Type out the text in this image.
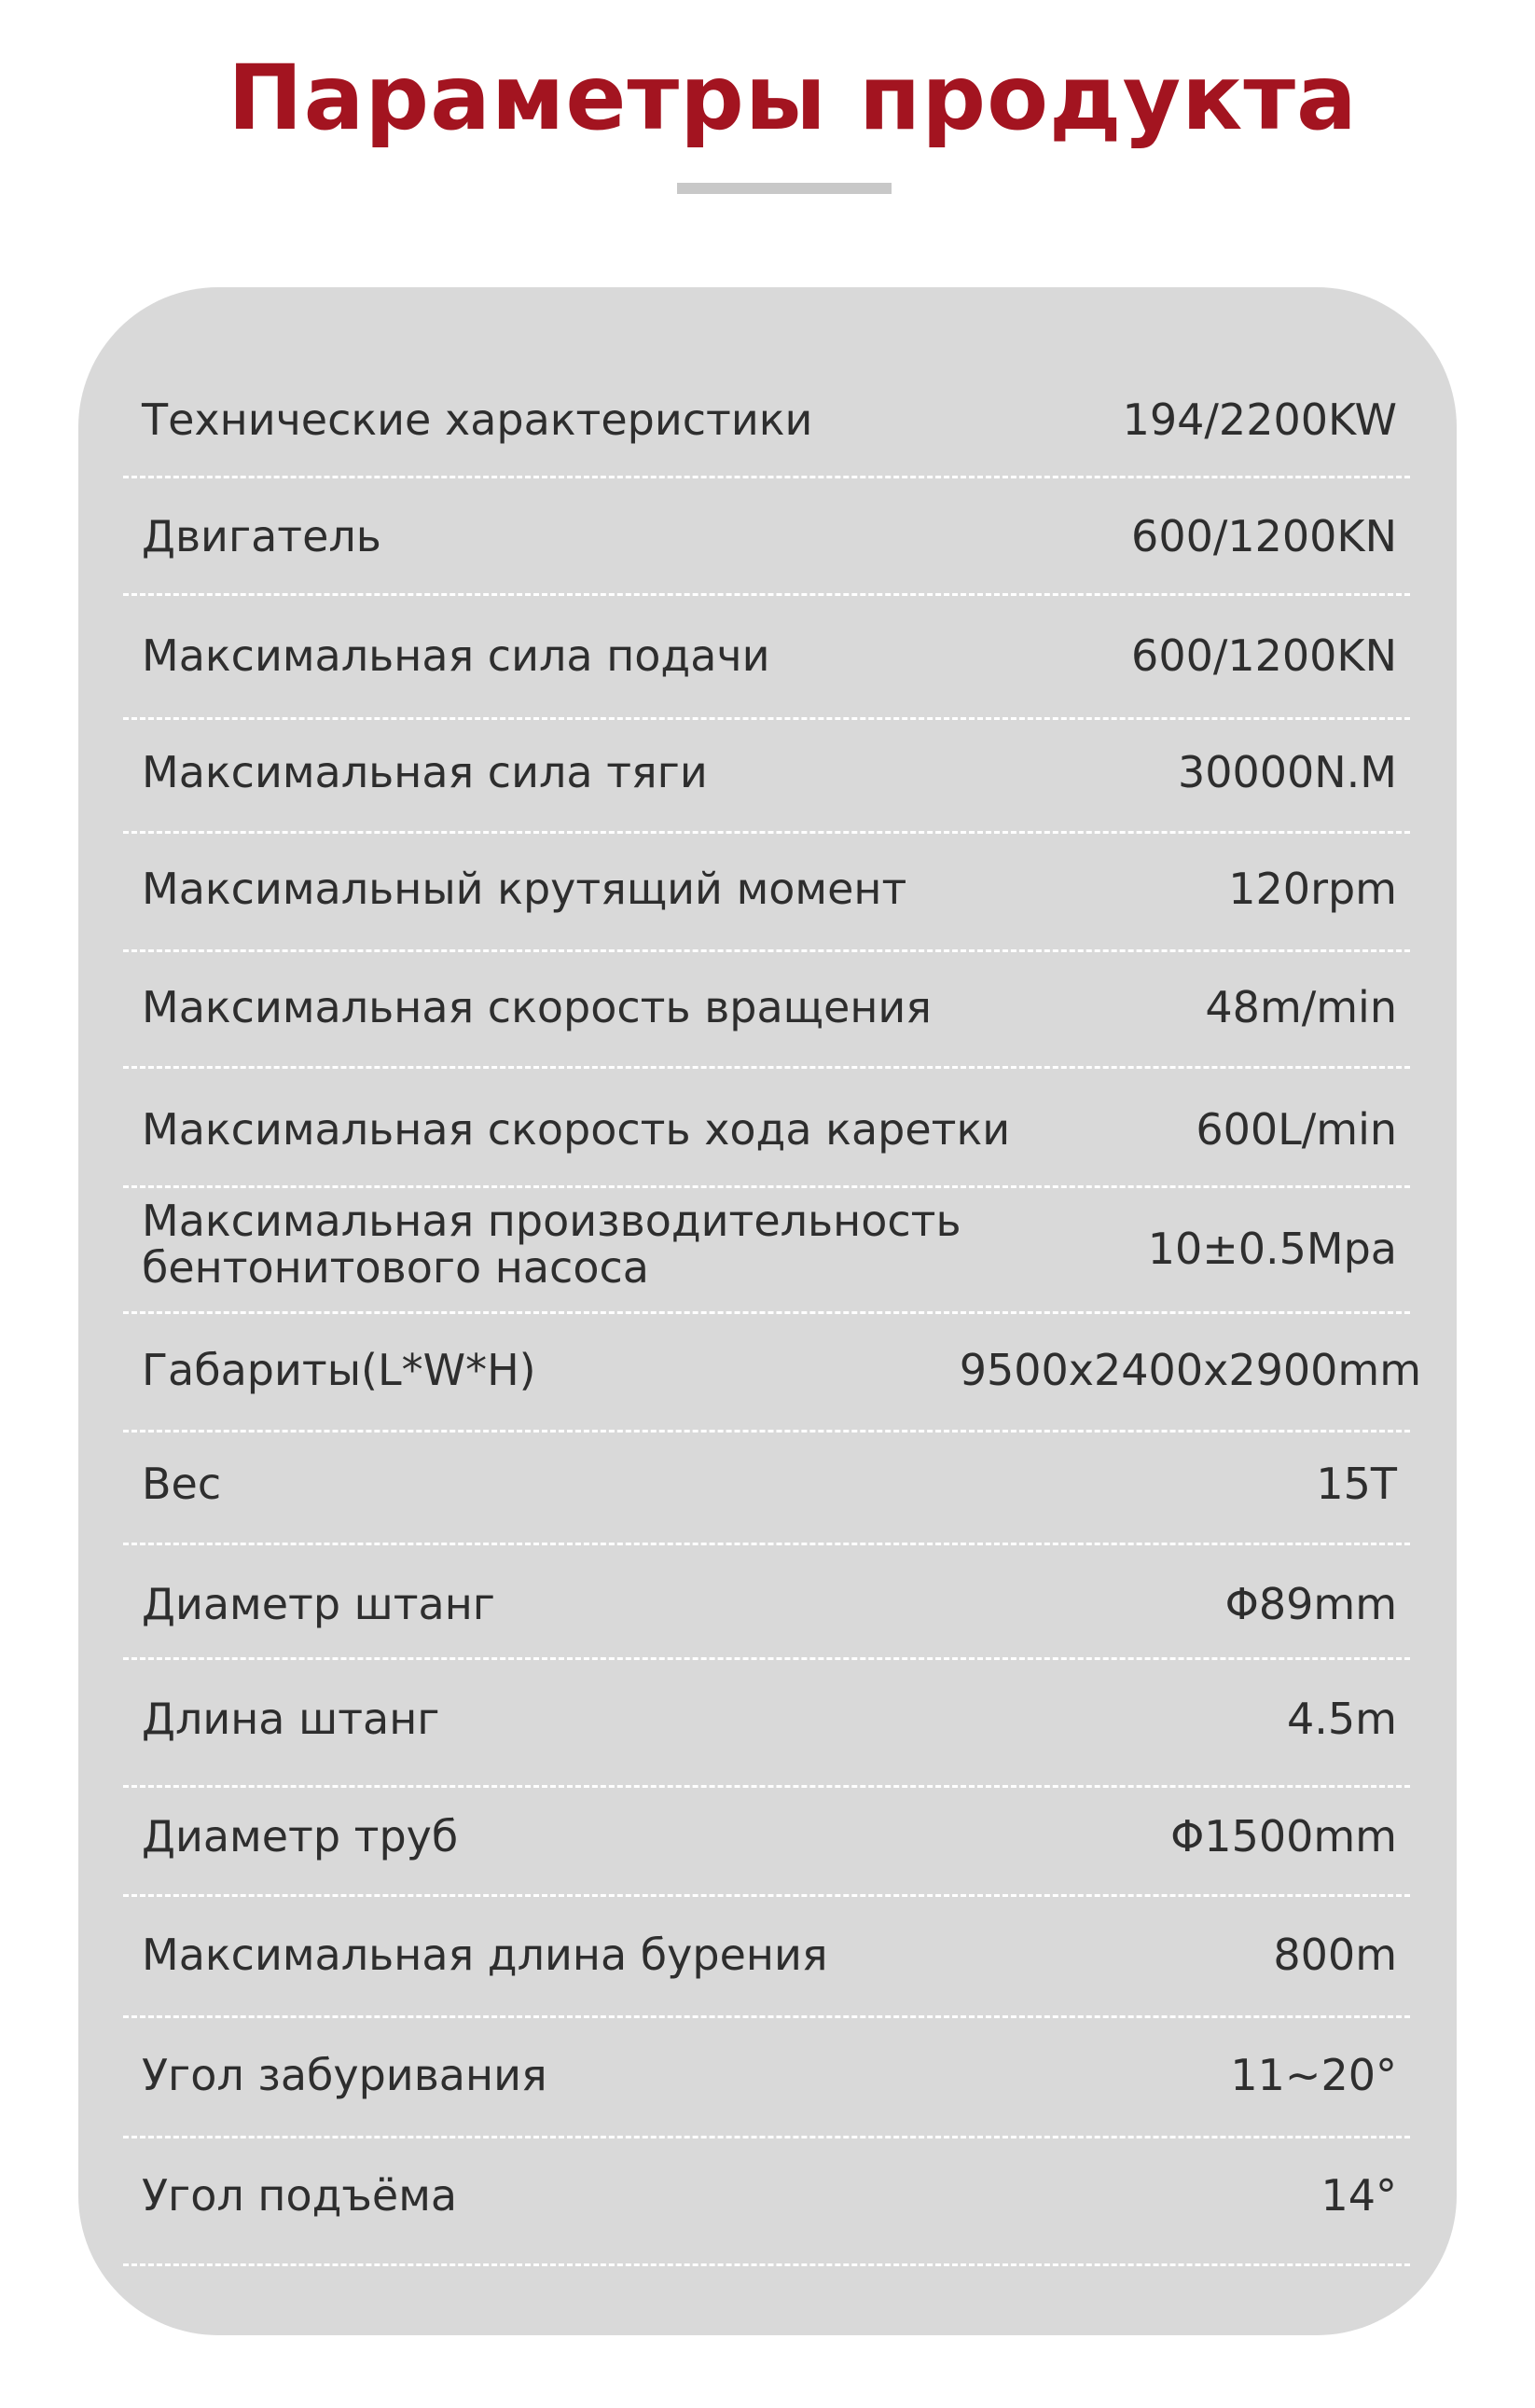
Параметры продукта
Технические характеристики	194/2200KW
Двигатель	600/1200KN
Максимальная сила подачи	600/1200KN
Максимальная сила тяги	30000N.M
Максимальный крутящий момент	120rpm
Максимальная скорость вращения	48m/min
Максимальная скорость хода каретки	600L/min
Максимальная производительность бентонитового насоса	10±0.5Mpa
Габариты(L*W*H)	9500x2400x2900mm
Вес	15T
Диаметр штанг	Φ89mm
Длина штанг	4.5m
Диаметр труб	Φ1500mm
Максимальная длина бурения	800m
Угол забуривания	11~20°
Угол подъёма	14°
